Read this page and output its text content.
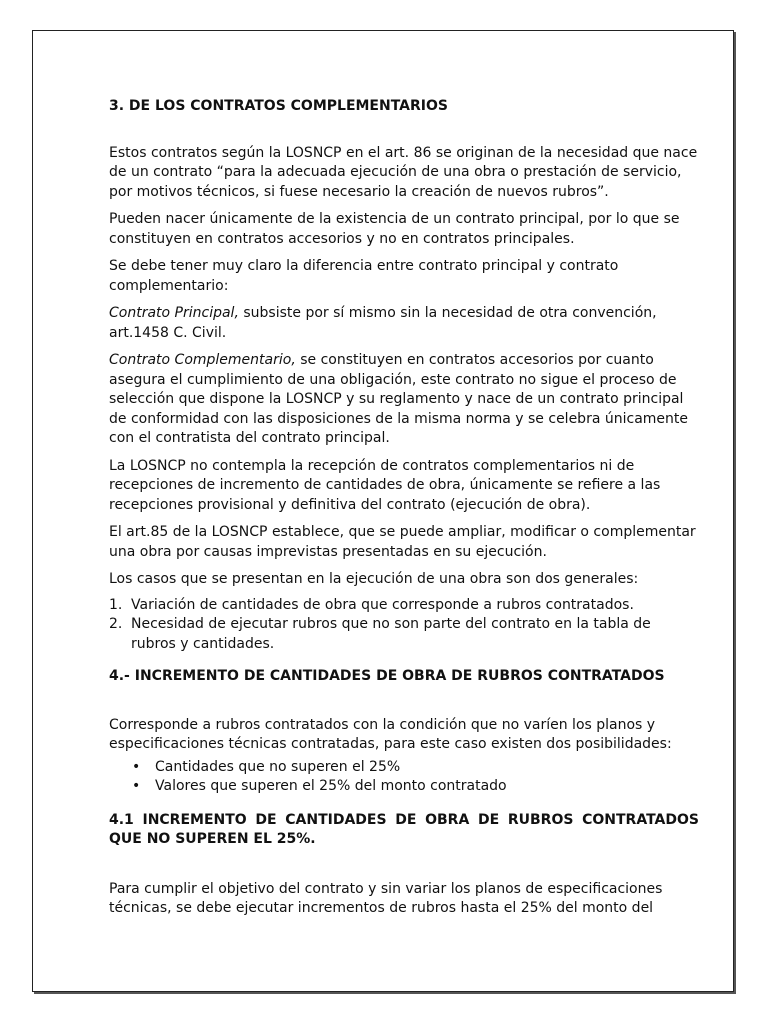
3. DE LOS CONTRATOS COMPLEMENTARIOS

Estos contratos según la LOSNCP en el art. 86 se originan de la necesidad que nace de un contrato “para la adecuada ejecución de una obra o prestación de servicio, por motivos técnicos, si fuese necesario la creación de nuevos rubros”.

Pueden nacer únicamente de la existencia de un contrato principal, por lo que se constituyen en contratos accesorios y no en contratos principales.

Se debe tener muy claro la diferencia entre contrato principal y contrato complementario:

Contrato Principal, subsiste por sí mismo sin la necesidad de otra convención, art.1458 C. Civil.

Contrato Complementario, se constituyen en contratos accesorios por cuanto asegura el cumplimiento de una obligación, este contrato no sigue el proceso de selección que dispone la LOSNCP y su reglamento y nace de un contrato principal de conformidad con las disposiciones de la misma norma y se celebra únicamente con el contratista del contrato principal.

La LOSNCP no contempla la recepción de contratos complementarios ni de recepciones de incremento de cantidades de obra, únicamente se refiere a las recepciones provisional y definitiva del contrato (ejecución de obra).

El art.85 de la LOSNCP establece, que se puede ampliar, modificar o complementar una obra por causas imprevistas presentadas en su ejecución.

Los casos que se presentan en la ejecución de una obra son dos generales:

1. Variación de cantidades de obra que corresponde a rubros contratados.
2. Necesidad de ejecutar rubros que no son parte del contrato en la tabla de rubros y cantidades.
4.- INCREMENTO DE CANTIDADES DE OBRA DE RUBROS CONTRATADOS

Corresponde a rubros contratados con la condición que no varíen los planos y especificaciones técnicas contratadas, para este caso existen dos posibilidades:

• Cantidades que no superen el 25%
• Valores que superen el 25% del monto contratado
4.1 INCREMENTO DE CANTIDADES DE OBRA DE RUBROS CONTRATADOS QUE NO SUPEREN EL 25%.

Para cumplir el objetivo del contrato y sin variar los planos de especificaciones técnicas, se debe ejecutar incrementos de rubros hasta el 25% del monto del
